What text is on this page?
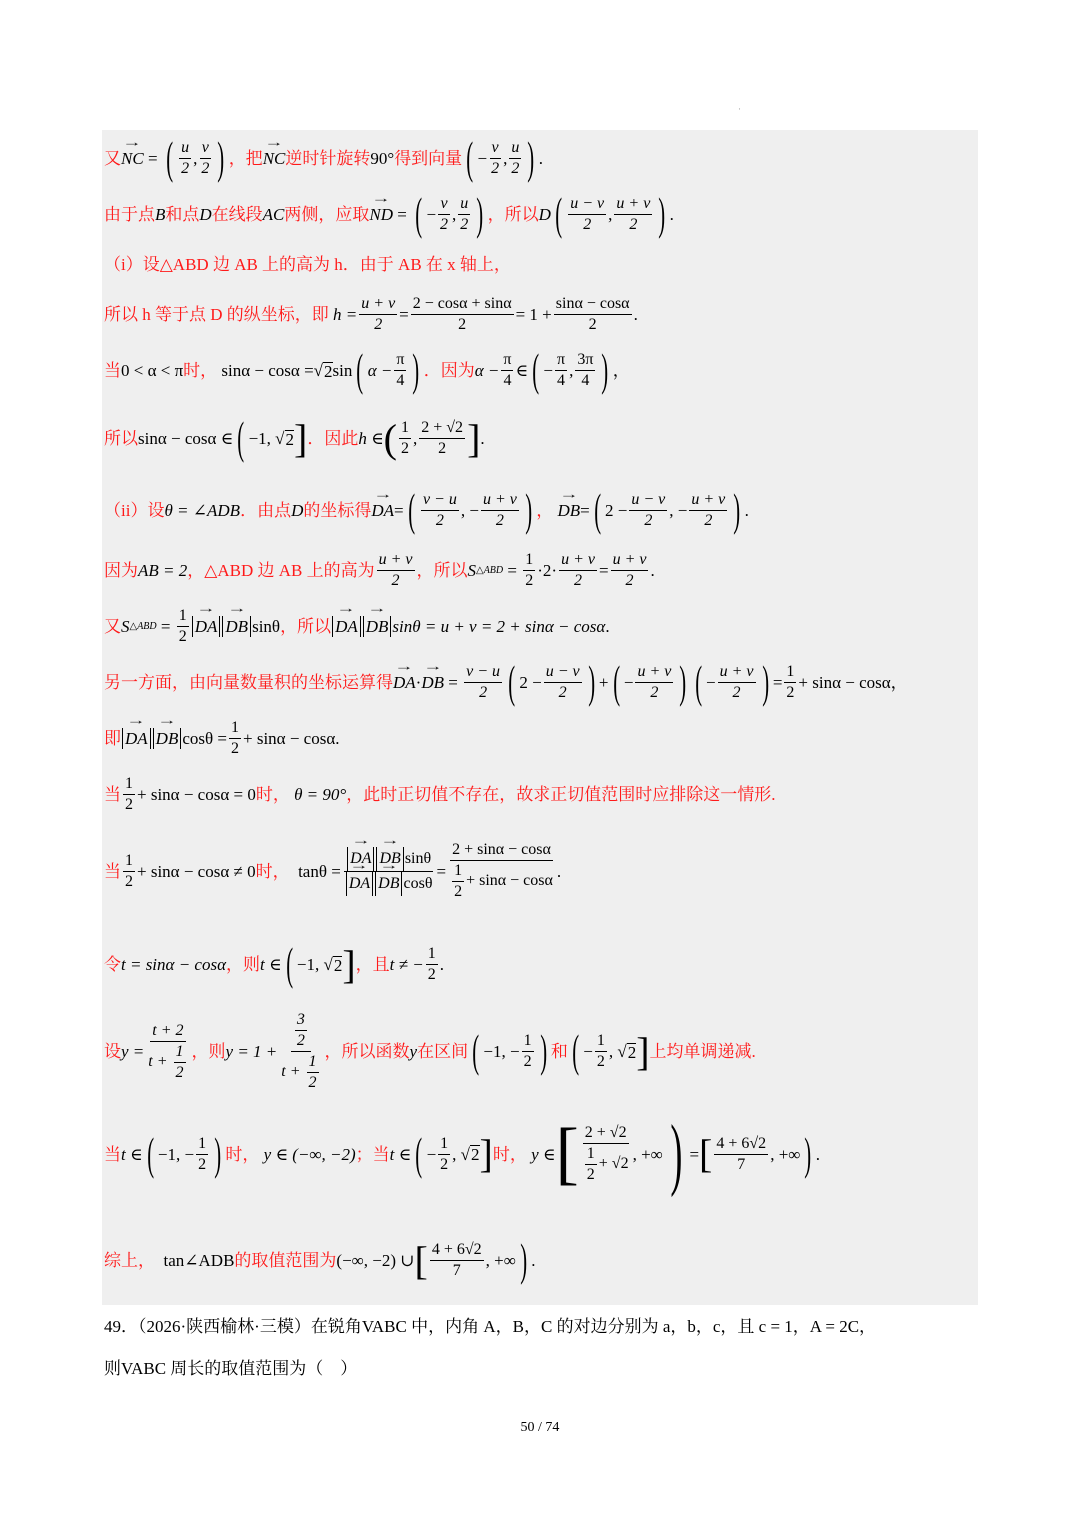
·
又 → NC = ( $\frac{u}{2}$ , $\frac{v}{2}$ ) ，把 → NC 逆时针旋转 90° 得到向量 ( − $\frac{v}{2}$ , $\frac{u}{2}$ ) .
由于点 B 和点 D 在线段 AC 两侧，应取 → ND = ( − $\frac{v}{2}$ , $\frac{u}{2}$ ) ，所以 D ( $\frac{u - v}{2}$ , $\frac{u + v}{2}$ ) .
（i）设△ABD 边 AB 上的高为 h．由于 AB 在 x 轴上，
所以 h 等于点 D 的纵坐标，即
$h = \frac{u + v}{2} = \frac{2 - \cos\alpha + \sin\alpha}{2} = 1 + \frac{\sin\alpha - \cos\alpha}{2}$ .
当 0 < α < π 时，
sinα − cosα = √ 2 sin ( $\alpha - \frac{\pi}{4}$ ) ．因为 $\alpha - \frac{\pi}{4}$ ∈ ( − $\frac{\pi}{4}$ , $\frac{3\pi}{4}$ ) ，
所以 sinα − cosα ∈ ( −1, √ 2 ] ．因此 h ∈ ( $\frac{1}{2}$ , $\frac{2 + √2}{2}$ ] .
（ii）设 θ = ∠ADB ．由点 D 的坐标得 → DA = ( $\frac{v - u}{2}$ , − $\frac{u + v}{2}$ ) ，
→ DB = ( $2 - \frac{u - v}{2}$ , − $\frac{u + v}{2}$ ) .
因为 AB = 2 ，△ABD 边 AB 上的高为 $\frac{u + v}{2}$ ，所以 S △ABD = $\frac{1}{2} \cdot 2\cdot \frac{u + v}{2} = \frac{u + v}{2}$ .
又 S △ABD = $\frac{1}{2}$ → DA → DB sinθ ，所以 → DA → DB sinθ = u + v = 2 + sinα − cosα .
另一方面，由向量数量积的坐标运算得 → DA · → DB = $\frac{v - u}{2}$ ( $2 - \frac{u - v}{2}$ ) + ( − $\frac{u + v}{2}$ ) ( − $\frac{u + v}{2}$ ) = $\frac{1}{2} + \sin\alpha - \cos\alpha$ ，
即 → DA → DB $\cos\theta = \frac{1}{2} + \sin\alpha - \cos\alpha$ .
当 $\frac{1}{2} + \sin\alpha - \cos\alpha = 0$ 时，
θ = 90° ，此时正切值不存在，故求正切值范围时应排除这一情形.
当 $\frac{1}{2} + \sin\alpha - \cos\alpha \ne 0$ 时，
tanθ = → DA → DB sinθ
→ DA → DB $\cos\theta = \frac{2 + \sin\alpha - \cos\alpha}{\frac{1}{2} + \sin\alpha - \cos\alpha}$ .
令 t = sinα − cosα ，则 t ∈ ( −1, √ 2 ] ，且 t ≠ − $\frac{1}{2}$ .
设 $y = \frac{t + 2}{t + \frac{1}{2}}$ ，则 $y = 1 + \frac{\frac{3}{2}}{t + \frac{1}{2}}$ ，所以函数 y 在区间 ( −1, − $\frac{1}{2}$ ) 和 ( − $\frac{1}{2}$ , √ 2 ] 上均单调递减.
当 t ∈ ( −1, − $\frac{1}{2}$ ) 时，
y ∈ (−∞, −2) ；当 t ∈ ( − $\frac{1}{2}$ , √ 2 ] 时，
y ∈ [ $\frac{2 + √2}{\frac{1}{2} + √2}$ , +∞ ) = [ $\frac{4 + 6√2}{7}$ , +∞ ) .
综上，
tan∠ADB 的取值范围为 (−∞, −2) ∪ [ $\frac{4 + 6√2}{7}$ , +∞ ) .
49．（2026·陕西榆林·三模）在锐角VABC 中，内角 A，B，C 的对边分别为 a，b，c，且 c = 1，A = 2C，
则VABC 周长的取值范围为（　）
50 / 74
